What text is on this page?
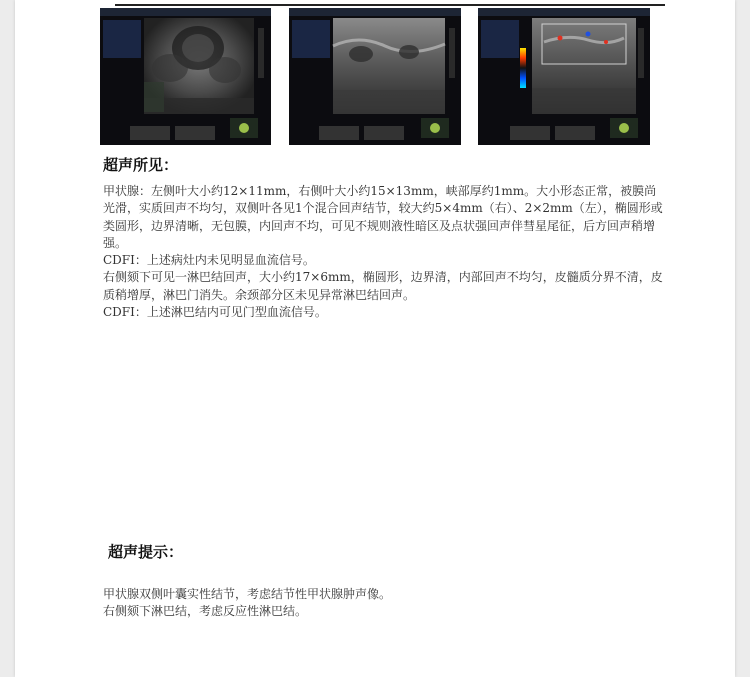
超声所见：

甲状腺：左侧叶大小约12×11mm，右侧叶大小约15×13mm，峡部厚约1mm。大小形态正常，被膜尚光滑，实质回声不均匀，双侧叶各见1个混合回声结节，较大约5×4mm（右）、2×2mm（左），椭圆形或类圆形，边界清晰，无包膜，内回声不均，可见不规则液性暗区及点状强回声伴彗星尾征，后方回声稍增强。

CDFI：上述病灶内未见明显血流信号。

右侧颏下可见一淋巴结回声，大小约17×6mm，椭圆形，边界清，内部回声不均匀，皮髓质分界不清，皮质稍增厚，淋巴门消失。余颈部分区未见异常淋巴结回声。

CDFI：上述淋巴结内可见门型血流信号。

超声提示：

甲状腺双侧叶囊实性结节，考虑结节性甲状腺肿声像。

右侧颏下淋巴结，考虑反应性淋巴结。
